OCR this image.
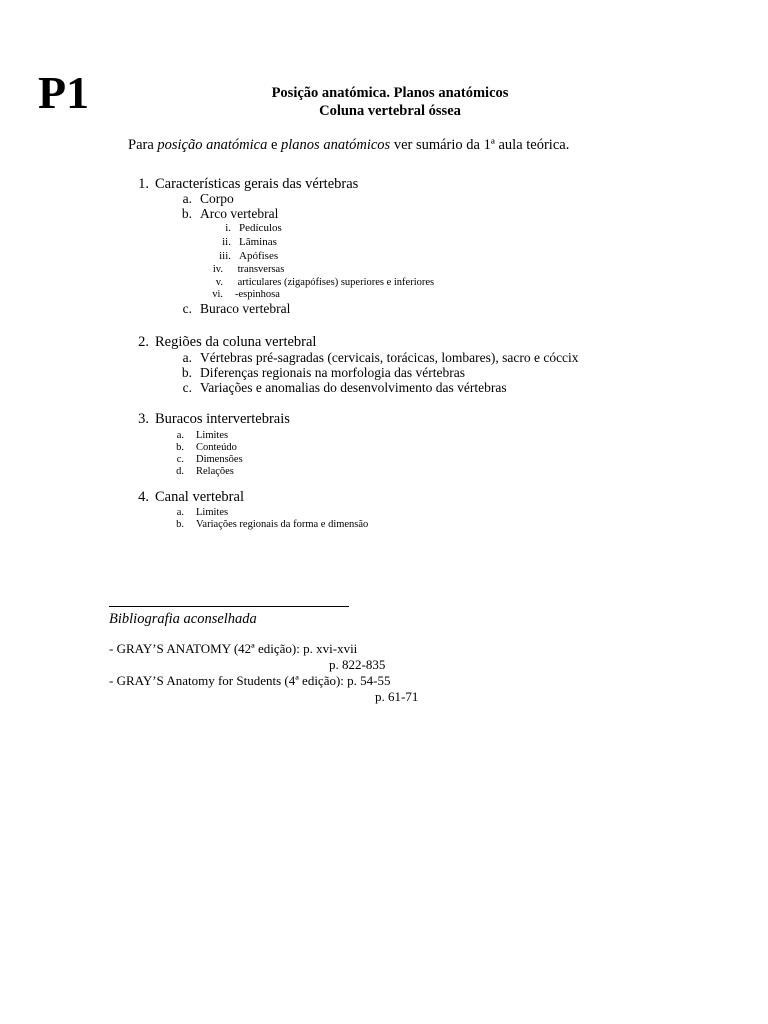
P1	Posição anatómica. Planos anatómicos
Coluna vertebral óssea
Para posição anatómica e planos anatómicos ver sumário da 1ª aula teórica.
1. Características gerais das vértebras
a. Corpo
b. Arco vertebral
i. Pedículos
ii. Lâminas
iii. Apófises
iv. transversas
v. articulares (zigapófises) superiores e inferiores
vi. -espinhosa
c. Buraco vertebral
2. Regiões da coluna vertebral
a. Vértebras pré-sagradas (cervicais, torácicas, lombares), sacro e cóccix
b. Diferenças regionais na morfologia das vértebras
c. Variações e anomalias do desenvolvimento das vértebras
3. Buracos intervertebrais
a. Limites
b. Conteúdo
c. Dimensões
d. Relações
4. Canal vertebral
a. Limites
b. Variações regionais da forma e dimensão
Bibliografia aconselhada
- GRAY’S ANATOMY (42ª edição): p. xvi-xvii
p. 822-835
- GRAY’S Anatomy for Students (4ª edição): p. 54-55
p. 61-71
